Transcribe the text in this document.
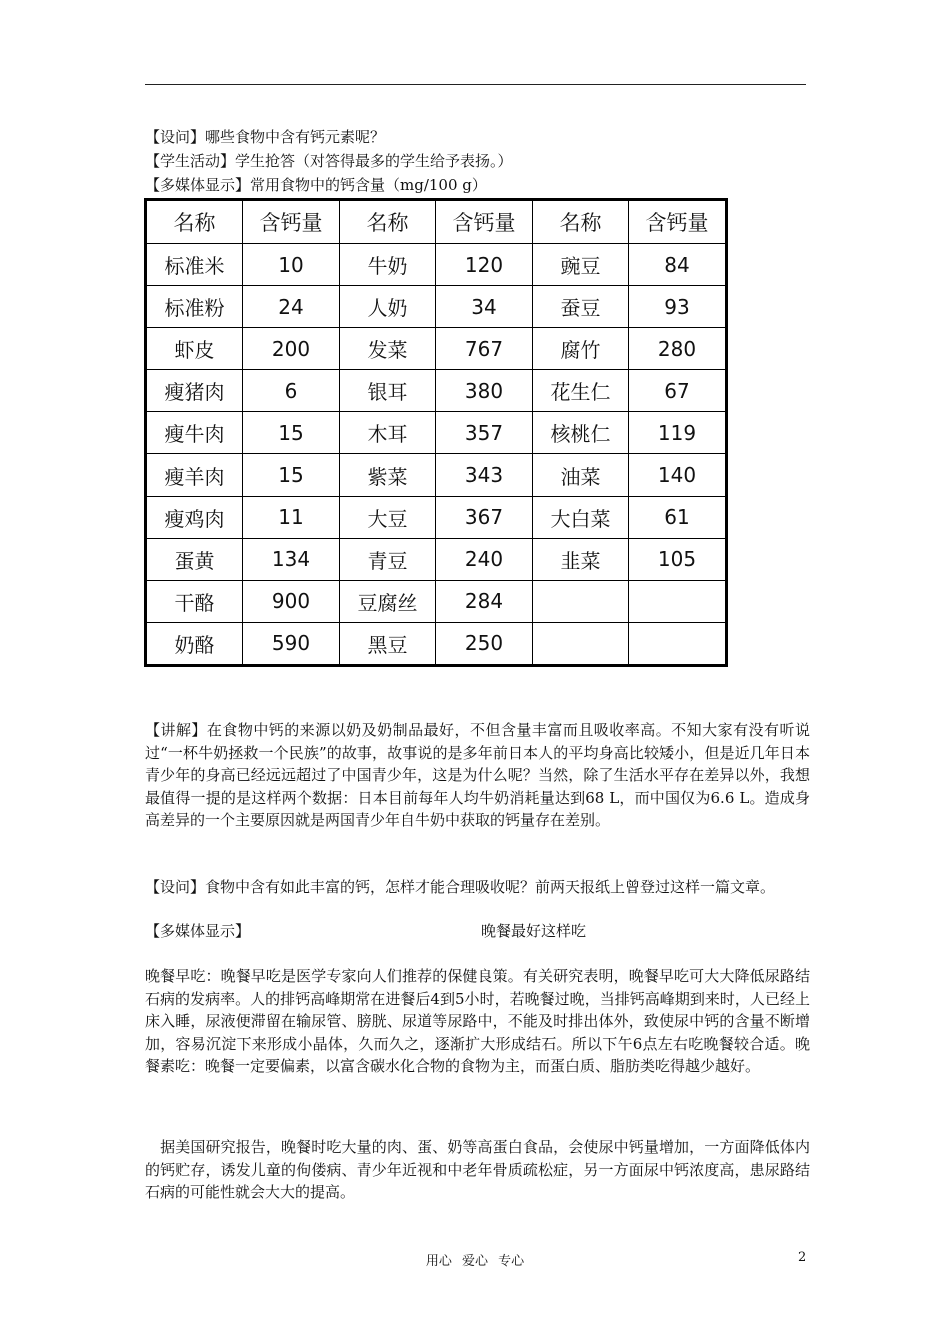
【设问】哪些食物中含有钙元素呢？
【学生活动】学生抢答（对答得最多的学生给予表扬。）
【多媒体显示】常用食物中的钙含量（mg/100 g）
名称	含钙量	名称	含钙量	名称	含钙量
标准米	10	牛奶	120	豌豆	84
标准粉	24	人奶	34	蚕豆	93
虾皮	200	发菜	767	腐竹	280
瘦猪肉	6	银耳	380	花生仁	67
瘦牛肉	15	木耳	357	核桃仁	119
瘦羊肉	15	紫菜	343	油菜	140
瘦鸡肉	11	大豆	367	大白菜	61
蛋黄	134	青豆	240	韭菜	105
干酪	900	豆腐丝	284		
奶酪	590	黑豆	250		
【讲解】在食物中钙的来源以奶及奶制品最好，不但含量丰富而且吸收率高。不知大家有没有听说过“一杯牛奶拯救一个民族”的故事，故事说的是多年前日本人的平均身高比较矮小，但是近几年日本青少年的身高已经远远超过了中国青少年，这是为什么呢？当然，除了生活水平存在差异以外，我想最值得一提的是这样两个数据：日本目前每年人均牛奶消耗量达到68 L，而中国仅为6.6 L。造成身高差异的一个主要原因就是两国青少年自牛奶中获取的钙量存在差别。
【设问】食物中含有如此丰富的钙，怎样才能合理吸收呢？前两天报纸上曾登过这样一篇文章。
【多媒体显示】	晚餐最好这样吃
晚餐早吃：晚餐早吃是医学专家向人们推荐的保健良策。有关研究表明，晚餐早吃可大大降低尿路结石病的发病率。人的排钙高峰期常在进餐后4到5小时，若晚餐过晚，当排钙高峰期到来时，人已经上床入睡，尿液便滞留在输尿管、膀胱、尿道等尿路中，不能及时排出体外，致使尿中钙的含量不断增加，容易沉淀下来形成小晶体，久而久之，逐渐扩大形成结石。所以下午6点左右吃晚餐较合适。晚餐素吃：晚餐一定要偏素，以富含碳水化合物的食物为主，而蛋白质、脂肪类吃得越少越好。
　据美国研究报告，晚餐时吃大量的肉、蛋、奶等高蛋白食品，会使尿中钙量增加，一方面降低体内的钙贮存，诱发儿童的佝偻病、青少年近视和中老年骨质疏松症，另一方面尿中钙浓度高，患尿路结石病的可能性就会大大的提高。
用心 爱心 专心	2
